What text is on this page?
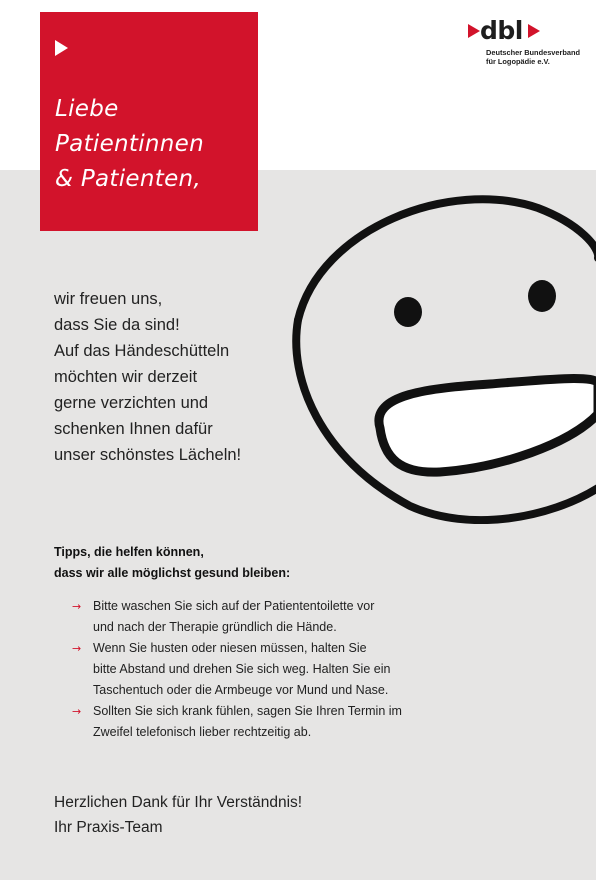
Liebe
Patientinnen
& Patienten,
dbl
Deutscher Bundesverband
für Logopädie e.V.
wir freuen uns,
dass Sie da sind!
Auf das Händeschütteln
möchten wir derzeit
gerne verzichten und
schenken Ihnen dafür
unser schönstes Lächeln!
Tipps, die helfen können,
dass wir alle möglichst gesund bleiben:
→ Bitte waschen Sie sich auf der Patiententoilette vor
und nach der Therapie gründlich die Hände.
→ Wenn Sie husten oder niesen müssen, halten Sie
bitte Abstand und drehen Sie sich weg. Halten Sie ein
Taschentuch oder die Armbeuge vor Mund und Nase.
→ Sollten Sie sich krank fühlen, sagen Sie Ihren Termin im
Zweifel telefonisch lieber rechtzeitig ab.
Herzlichen Dank für Ihr Verständnis!
Ihr Praxis-Team
